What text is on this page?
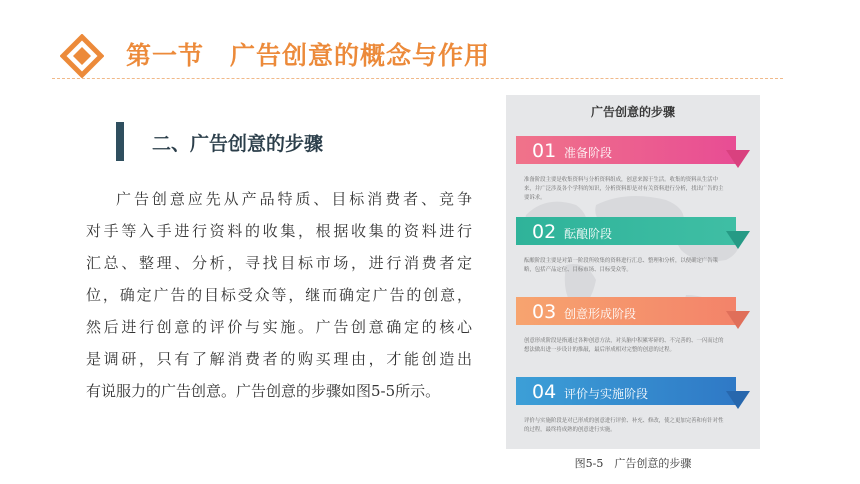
第一节　广告创意的概念与作用
二、广告创意的步骤
广告创意应先从产品特质、目标消费者、竞争
对手等入手进行资料的收集，根据收集的资料进行
汇总、整理、分析，寻找目标市场，进行消费者定
位，确定广告的目标受众等，继而确定广告的创意，
然后进行创意的评价与实施。广告创意确定的核心
是调研，只有了解消费者的购买理由，才能创造出
有说服力的广告创意。广告创意的步骤如图5-5所示。
广告创意的步骤
01 准备阶段
准备阶段主要是收集资料与分析资料组成，创意来源于生活。收集的资料从生活中来，并广泛涉及各个学科的知识，分析资料即是对有关资料进行分析，找出广告的主要诉求。
02 酝酿阶段
酝酿阶段主要是对第一阶段所收集的资料进行汇总、整理和分析，以便确定广告策略，包括产品定位、目标市场、目标受众等。
03 创意形成阶段
创意形成阶段是指通过各种创意方法，对头脑中积累零碎的、不完善的、一闪而过的想法做出进一步设计的推敲，最后形成相对完整的创意的过程。
04 评价与实施阶段
评价与实施阶段是对已形成的创意进行评价、补充、修改，使之更加完善和有针对性的过程，最终将成熟的创意进行实施。
图5-5　广告创意的步骤
